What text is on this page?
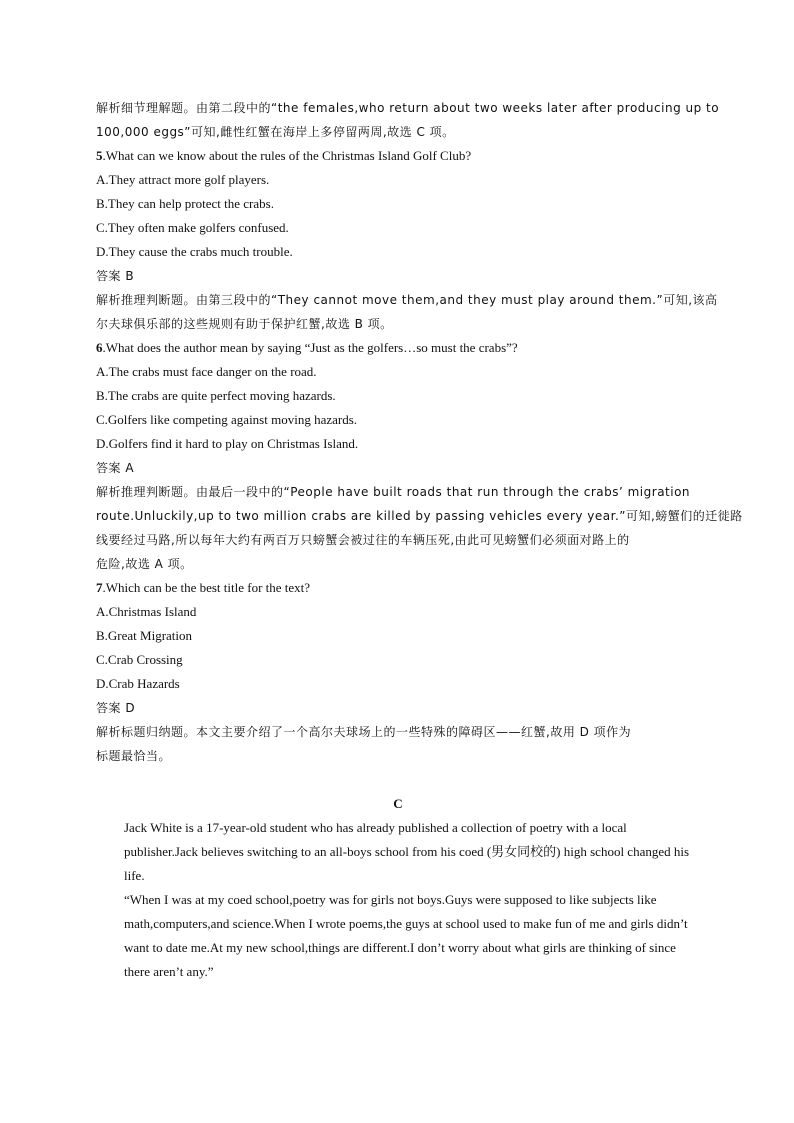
解析细节理解题。由第二段中的“the females,who return about two weeks later after producing up to
100,000 eggs”可知,雌性红蟹在海岸上多停留两周,故选 C 项。
5.What can we know about the rules of the Christmas Island Golf Club?
A.They attract more golf players.
B.They can help protect the crabs.
C.They often make golfers confused.
D.They cause the crabs much trouble.
答案 B
解析推理判断题。由第三段中的“They cannot move them,and they must play around them.”可知,该高
尔夫球俱乐部的这些规则有助于保护红蟹,故选 B 项。
6.What does the author mean by saying “Just as the golfers…so must the crabs”?
A.The crabs must face danger on the road.
B.The crabs are quite perfect moving hazards.
C.Golfers like competing against moving hazards.
D.Golfers find it hard to play on Christmas Island.
答案 A
解析推理判断题。由最后一段中的“People have built roads that run through the crabs’ migration
route.Unluckily,up to two million crabs are killed by passing vehicles every year.”可知,螃蟹们的迁徙路
线要经过马路,所以每年大约有两百万只螃蟹会被过往的车辆压死,由此可见螃蟹们必须面对路上的
危险,故选 A 项。
7.Which can be the best title for the text?
A.Christmas Island
B.Great Migration
C.Crab Crossing
D.Crab Hazards
答案 D
解析标题归纳题。本文主要介绍了一个高尔夫球场上的一些特殊的障碍区——红蟹,故用 D 项作为
标题最恰当。
C
Jack White is a 17-year-old student who has already published a collection of poetry with a local publisher.Jack believes switching to an all-boys school from his coed (男女同校的) high school changed his life.
“When I was at my coed school,poetry was for girls not boys.Guys were supposed to like subjects like math,computers,and science.When I wrote poems,the guys at school used to make fun of me and girls didn’t want to date me.At my new school,things are different.I don’t worry about what girls are thinking of since there aren’t any.”
